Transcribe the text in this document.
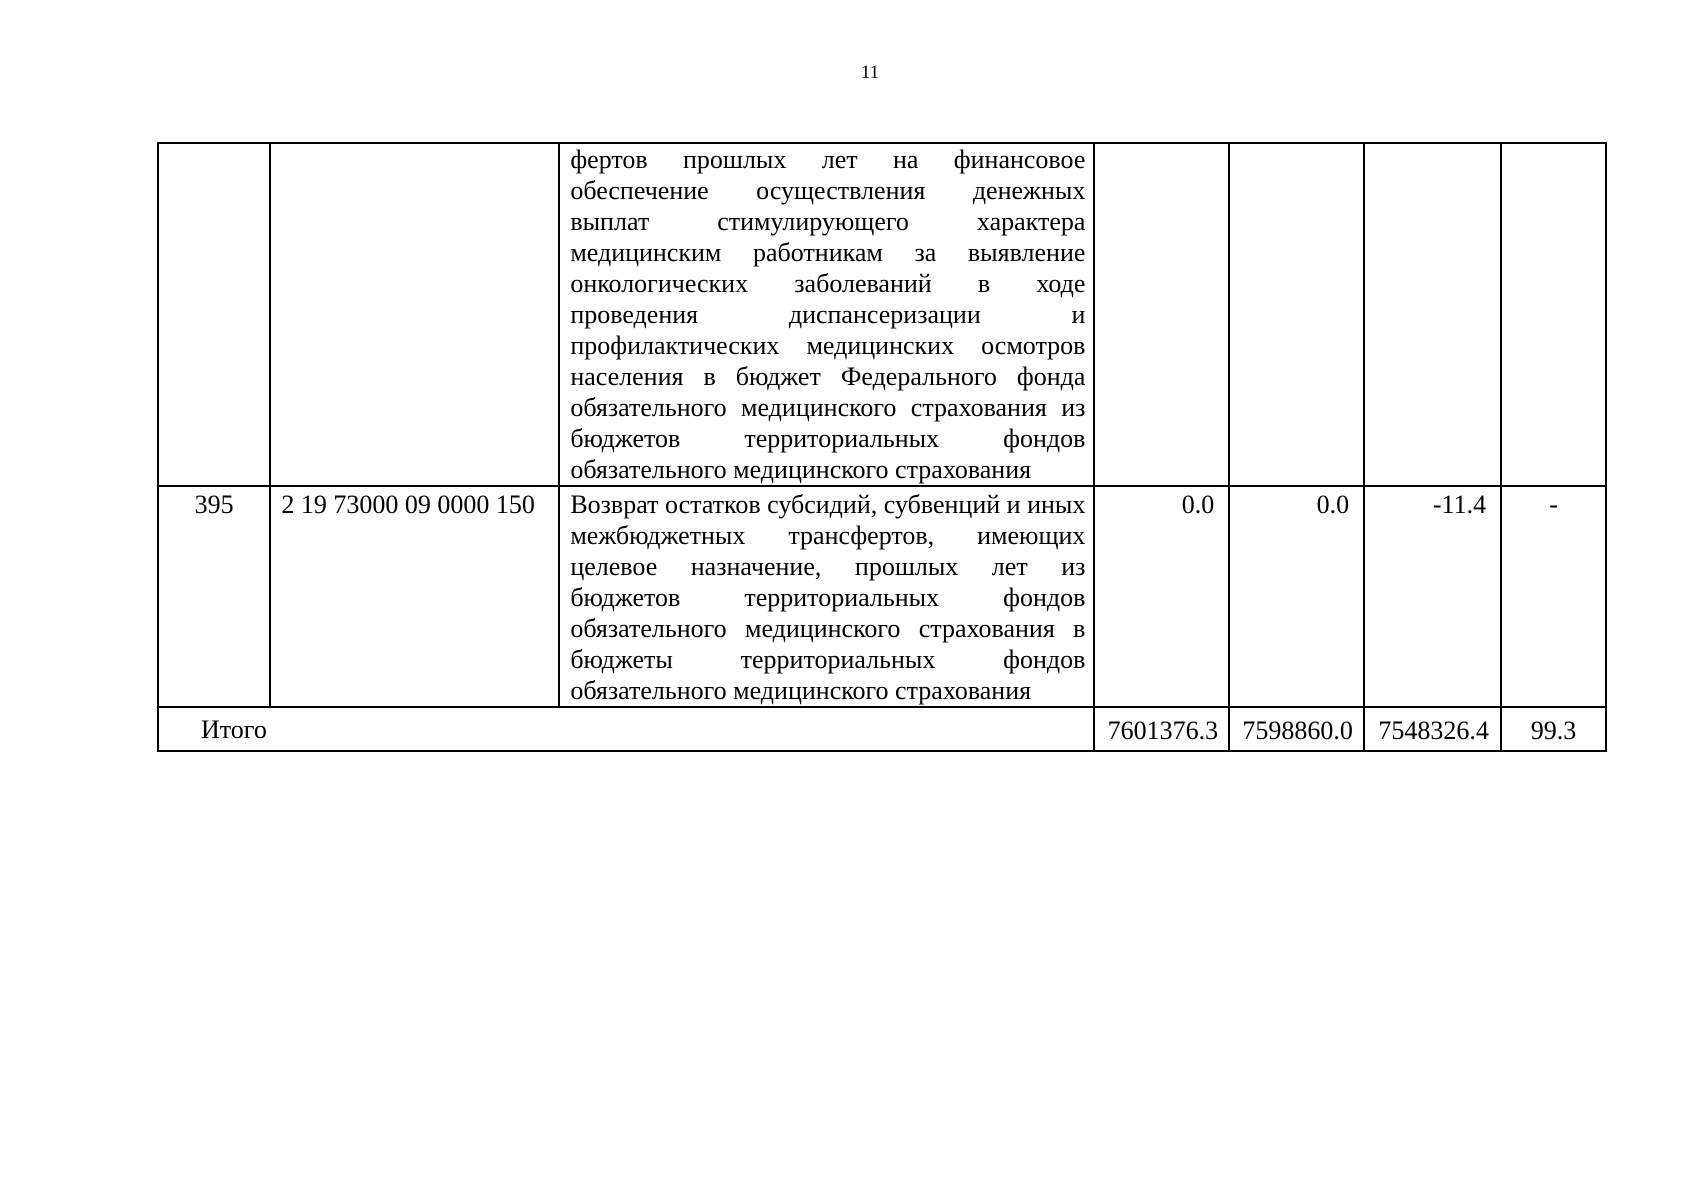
11

		фертов прошлых лет на финансовое обеспечение осуществления денежных выплат стимулирующего характера медицинским работникам за выявление онкологических заболеваний в ходе проведения диспансеризации и профилактических медицинских осмотров населения в бюджет Федерального фонда обязательного медицинского страхования из бюджетов территориальных фондов обязательного медицинского страхования				

395	2 19 73000 09 0000 150	Возврат остатков субсидий, субвенций и иных межбюджетных трансфертов, имеющих целевое назначение, прошлых лет из бюджетов территориальных фондов обязательного медицинского страхования в бюджеты территориальных фондов обязательного медицинского страхования	0.0	0.0	-11.4	-
Итого			7601376.3	7598860.0	7548326.4	99.3
